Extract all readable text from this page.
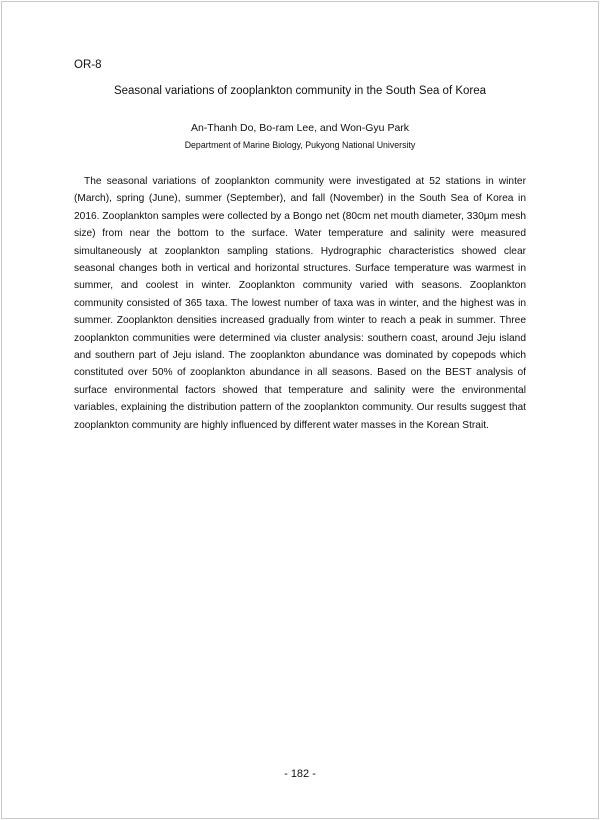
OR-8
Seasonal variations of zooplankton community in the South Sea of Korea
An-Thanh Do, Bo-ram Lee, and Won-Gyu Park
Department of Marine Biology, Pukyong National University

The seasonal variations of zooplankton community were investigated at 52 stations in winter (March), spring (June), summer (September), and fall (November) in the South Sea of Korea in 2016. Zooplankton samples were collected by a Bongo net (80cm net mouth diameter, 330μm mesh size) from near the bottom to the surface. Water temperature and salinity were measured simultaneously at zooplankton sampling stations. Hydrographic characteristics showed clear seasonal changes both in vertical and horizontal structures. Surface temperature was warmest in summer, and coolest in winter. Zooplankton community varied with seasons. Zooplankton community consisted of 365 taxa. The lowest number of taxa was in winter, and the highest was in summer. Zooplankton densities increased gradually from winter to reach a peak in summer. Three zooplankton communities were determined via cluster analysis: southern coast, around Jeju island and southern part of Jeju island. The zooplankton abundance was dominated by copepods which constituted over 50% of zooplankton abundance in all seasons. Based on the BEST analysis of surface environmental factors showed that temperature and salinity were the environmental variables, explaining the distribution pattern of the zooplankton community. Our results suggest that zooplankton community are highly influenced by different water masses in the Korean Strait.

- 182 -
